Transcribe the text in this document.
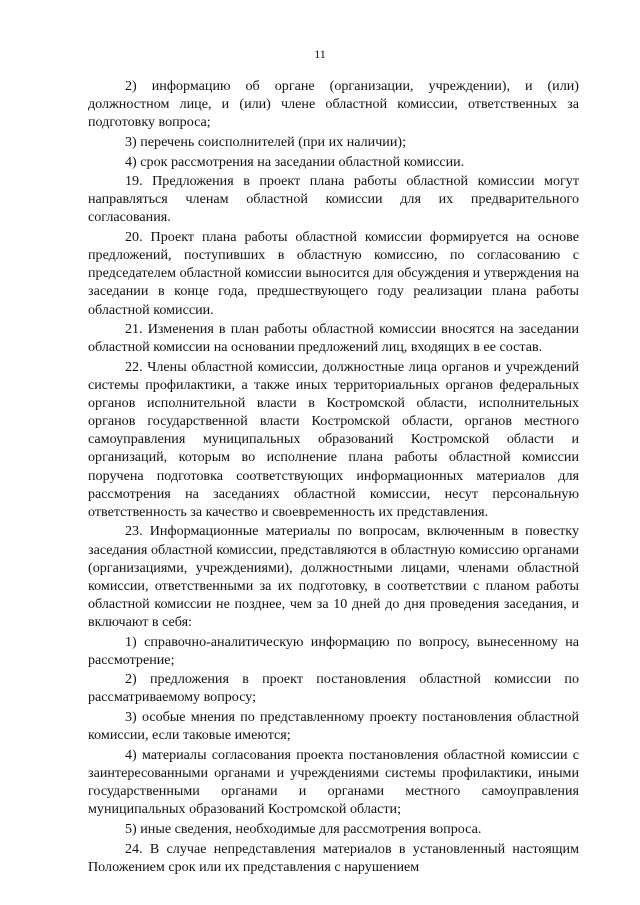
11

2) информацию об органе (организации, учреждении), и (или) должностном лице, и (или) члене областной комиссии, ответственных за подготовку вопроса;

3) перечень соисполнителей (при их наличии);

4) срок рассмотрения на заседании областной комиссии.

19. Предложения в проект плана работы областной комиссии могут направляться членам областной комиссии для их предварительного согласования.

20. Проект плана работы областной комиссии формируется на основе предложений, поступивших в областную комиссию, по согласованию с председателем областной комиссии выносится для обсуждения и утверждения на заседании в конце года, предшествующего году реализации плана работы областной комиссии.

21. Изменения в план работы областной комиссии вносятся на заседании областной комиссии на основании предложений лиц, входящих в ее состав.

22. Члены областной комиссии, должностные лица органов и учреждений системы профилактики, а также иных территориальных органов федеральных органов исполнительной власти в Костромской области, исполнительных органов государственной власти Костромской области, органов местного самоуправления муниципальных образований Костромской области и организаций, которым во исполнение плана работы областной комиссии поручена подготовка соответствующих информационных материалов для рассмотрения на заседаниях областной комиссии, несут персональную ответственность за качество и своевременность их представления.

23. Информационные материалы по вопросам, включенным в повестку заседания областной комиссии, представляются в областную комиссию органами (организациями, учреждениями), должностными лицами, членами областной комиссии, ответственными за их подготовку, в соответствии с планом работы областной комиссии не позднее, чем за 10 дней до дня проведения заседания, и включают в себя:

1) справочно-аналитическую информацию по вопросу, вынесенному на рассмотрение;

2) предложения в проект постановления областной комиссии по рассматриваемому вопросу;

3) особые мнения по представленному проекту постановления областной комиссии, если таковые имеются;

4) материалы согласования проекта постановления областной комиссии с заинтересованными органами и учреждениями системы профилактики, иными государственными органами и органами местного самоуправления муниципальных образований Костромской области;

5) иные сведения, необходимые для рассмотрения вопроса.

24. В случае непредставления материалов в установленный настоящим Положением срок или их представления с нарушением
